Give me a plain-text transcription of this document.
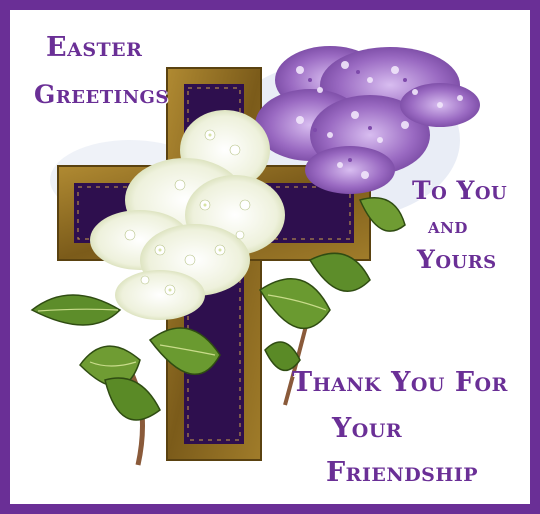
Easter

Greetings

To You

and

Yours

Thank You For

Your

Friendship
